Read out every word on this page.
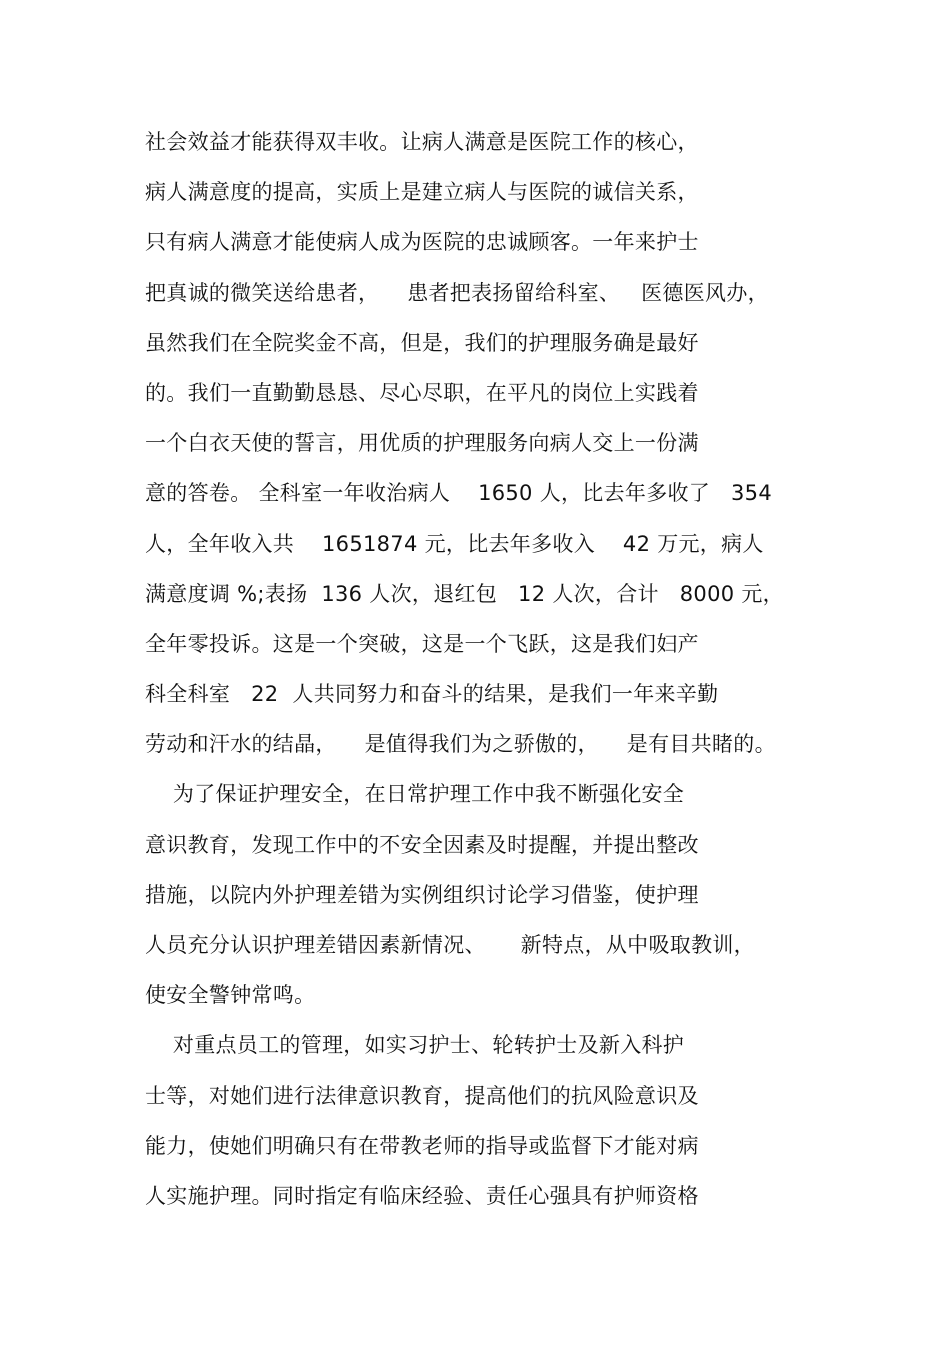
社会效益才能获得双丰收。让病人满意是医院工作的核心，
病人满意度的提高，实质上是建立病人与医院的诚信关系，
只有病人满意才能使病人成为医院的忠诚顾客。一年来护士
把真诚的微笑送给患者，    患者把表扬留给科室、   医德医风办，
虽然我们在全院奖金不高，但是，我们的护理服务确是最好
的。我们一直勤勤恳恳、尽心尽职，在平凡的岗位上实践着
一个白衣天使的誓言，用优质的护理服务向病人交上一份满
意的答卷。 全科室一年收治病人    1650 人，比去年多收了   354
人，全年收入共    1651874 元，比去年多收入    42 万元，病人
满意度调 %;表扬  136 人次，退红包   12 人次，合计   8000 元，
全年零投诉。这是一个突破，这是一个飞跃，这是我们妇产
科全科室   22  人共同努力和奋斗的结果，是我们一年来辛勤
劳动和汗水的结晶，    是值得我们为之骄傲的，    是有目共睹的。
为了保证护理安全，在日常护理工作中我不断强化安全
意识教育，发现工作中的不安全因素及时提醒，并提出整改
措施，以院内外护理差错为实例组织讨论学习借鉴，使护理
人员充分认识护理差错因素新情况、     新特点，从中吸取教训，
使安全警钟常鸣。
对重点员工的管理，如实习护士、轮转护士及新入科护
士等，对她们进行法律意识教育，提高他们的抗风险意识及
能力，使她们明确只有在带教老师的指导或监督下才能对病
人实施护理。同时指定有临床经验、责任心强具有护师资格
